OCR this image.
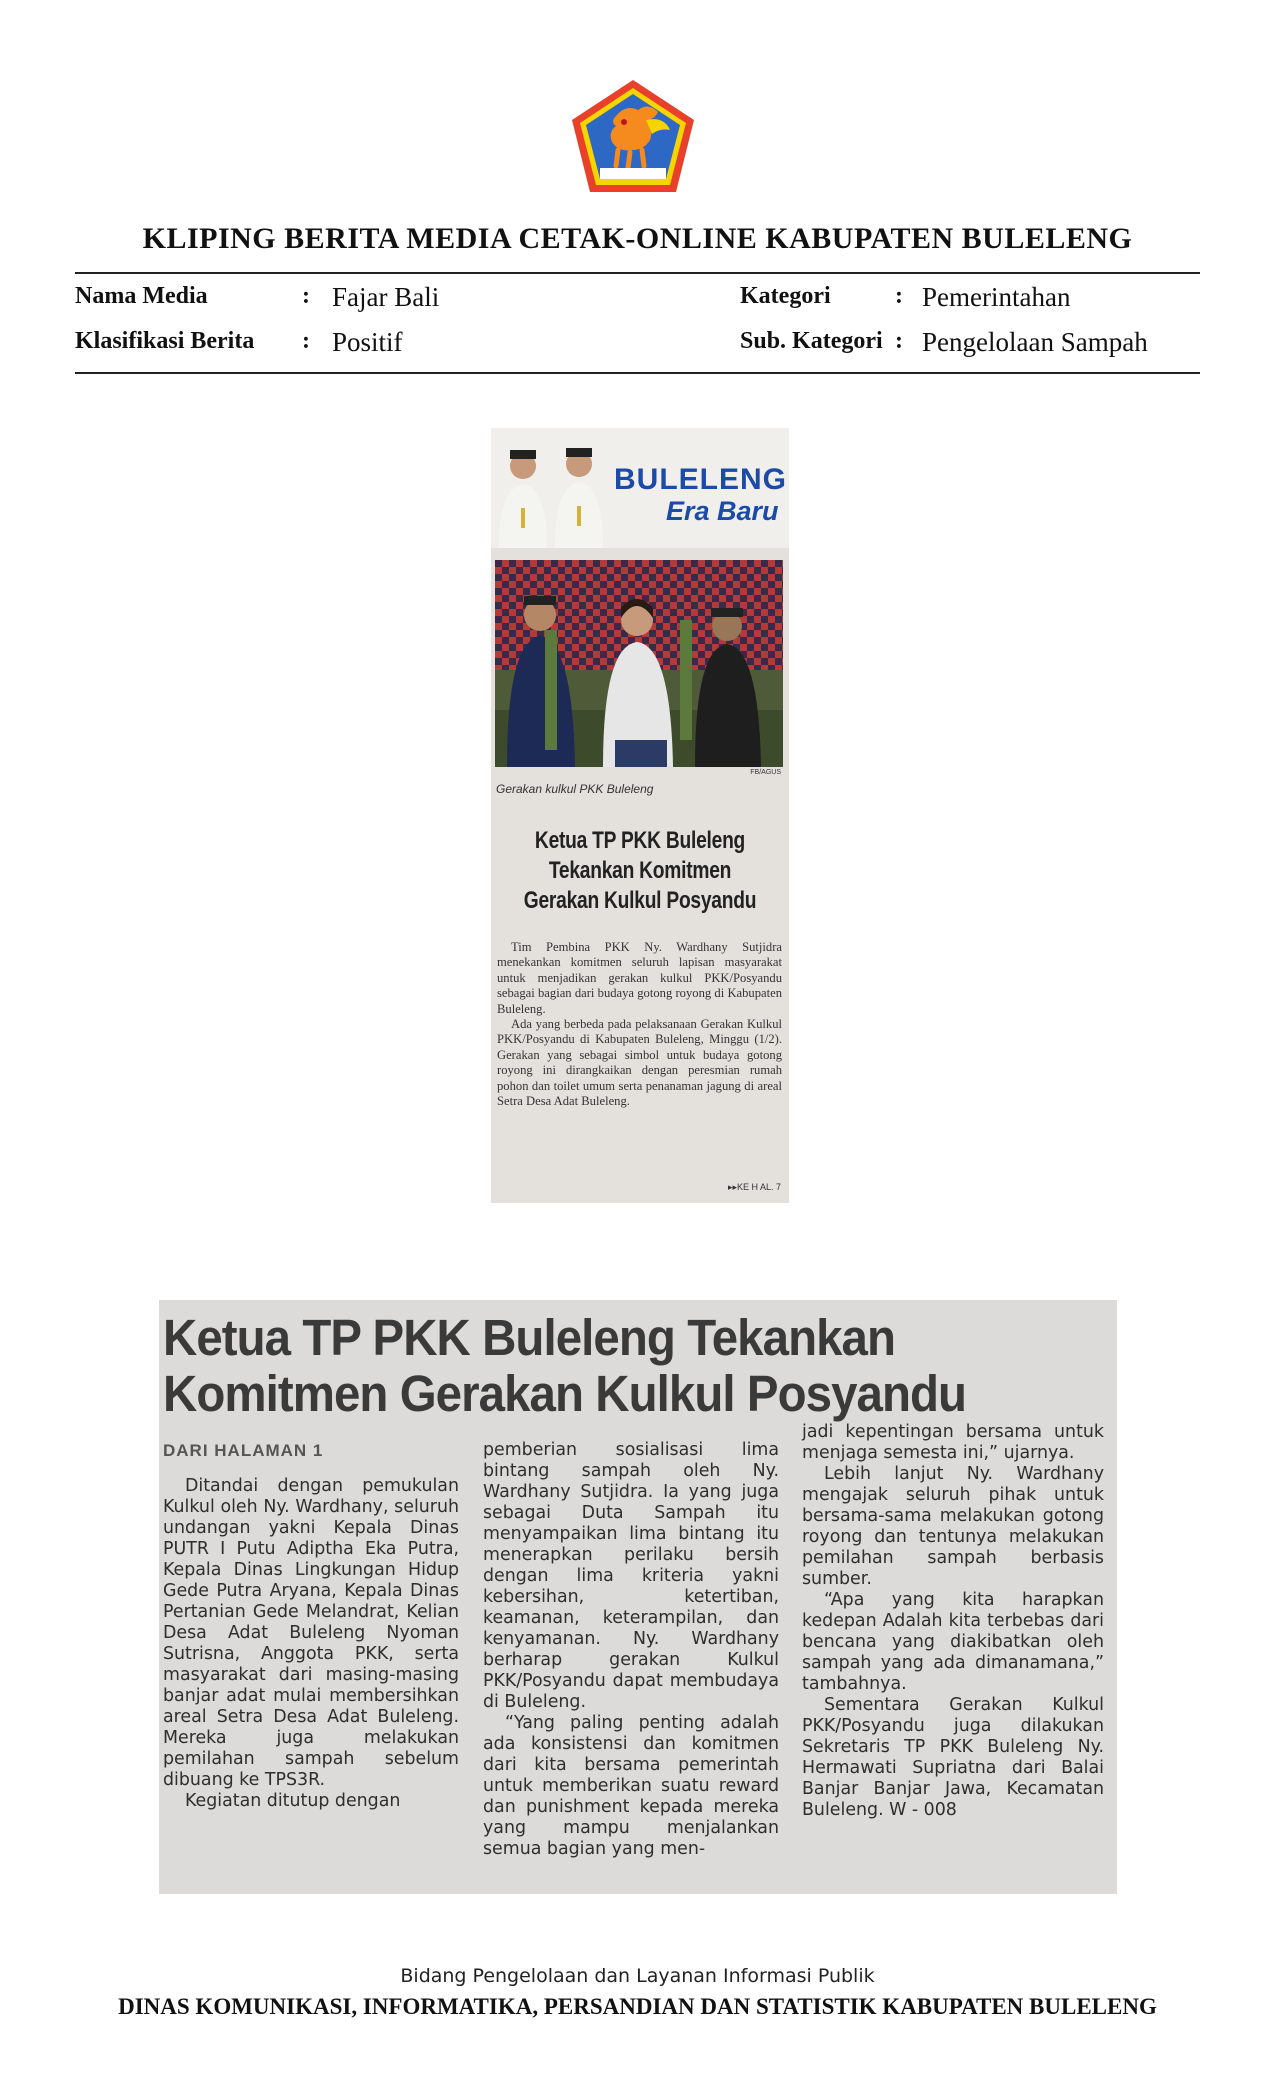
KLIPING BERITA MEDIA CETAK-ONLINE KABUPATEN BULELENG
Nama Media	: Fajar Bali
Klasifikasi Berita : Positif
Kategori	: Pemerintahan
Sub. Kategori : Pengelolaan Sampah
BULELENG
Era Baru
FB/AGUS
Gerakan kulkul PKK Buleleng
Ketua TP PKK Buleleng
Tekankan Komitmen
Gerakan Kulkul Posyandu

Tim Pembina PKK Ny. Wardhany Sutjidra menekankan komitmen seluruh lapisan masyarakat untuk menjadikan gerakan kulkul PKK/Posyandu sebagai bagian dari budaya gotong royong di Kabupaten Buleleng.

Ada yang berbeda pada pelaksanaan Gerakan Kulkul PKK/Posyandu di Kabupaten Buleleng, Minggu (1/2). Gerakan yang sebagai simbol untuk budaya gotong royong ini dirangkaikan dengan peresmian rumah pohon dan toilet umum serta penanaman jagung di areal Setra Desa Adat Buleleng.

▸▸KE H AL. 7
Ketua TP PKK Buleleng Tekankan
Komitmen Gerakan Kulkul Posyandu
DARI HALAMAN 1

Ditandai dengan pemukulan Kulkul oleh Ny. Wardhany, seluruh undangan yakni Kepala Dinas PUTR I Putu Adiptha Eka Putra, Kepala Dinas Lingkungan Hidup Gede Putra Aryana, Kepala Dinas Pertanian Gede Melandrat, Kelian Desa Adat Buleleng Nyoman Sutrisna, Anggota PKK, serta masyarakat dari masing-masing banjar adat mulai membersihkan areal Setra Desa Adat Buleleng. Mereka juga melakukan pemilahan sampah sebelum dibuang ke TPS3R.

Kegiatan ditutup dengan

pemberian sosialisasi lima bintang sampah oleh Ny. Wardhany Sutjidra. Ia yang juga sebagai Duta Sampah itu menyampaikan lima bintang itu menerapkan perilaku bersih dengan lima kriteria yakni kebersihan, ketertiban, keamanan, keterampilan, dan kenyamanan. Ny. Wardhany berharap gerakan Kulkul PKK/Posyandu dapat membudaya di Buleleng.

“Yang paling penting adalah ada konsistensi dan komitmen dari kita bersama pemerintah untuk memberikan suatu reward dan punishment kepada mereka yang mampu menjalankan semua bagian yang men-

jadi kepentingan bersama untuk menjaga semesta ini,” ujarnya.

Lebih lanjut Ny. Wardhany mengajak seluruh pihak untuk bersama-sama melakukan gotong royong dan tentunya melakukan pemilahan sampah berbasis sumber.

“Apa yang kita harapkan kedepan Adalah kita terbebas dari bencana yang diakibatkan oleh sampah yang ada dimanamana,” tambahnya.

Sementara Gerakan Kulkul PKK/Posyandu juga dilakukan Sekretaris TP PKK Buleleng Ny. Hermawati Supriatna dari Balai Banjar Banjar Jawa, Kecamatan Buleleng. W - 008

Bidang Pengelolaan dan Layanan Informasi Publik
DINAS KOMUNIKASI, INFORMATIKA, PERSANDIAN DAN STATISTIK KABUPATEN BULELENG
